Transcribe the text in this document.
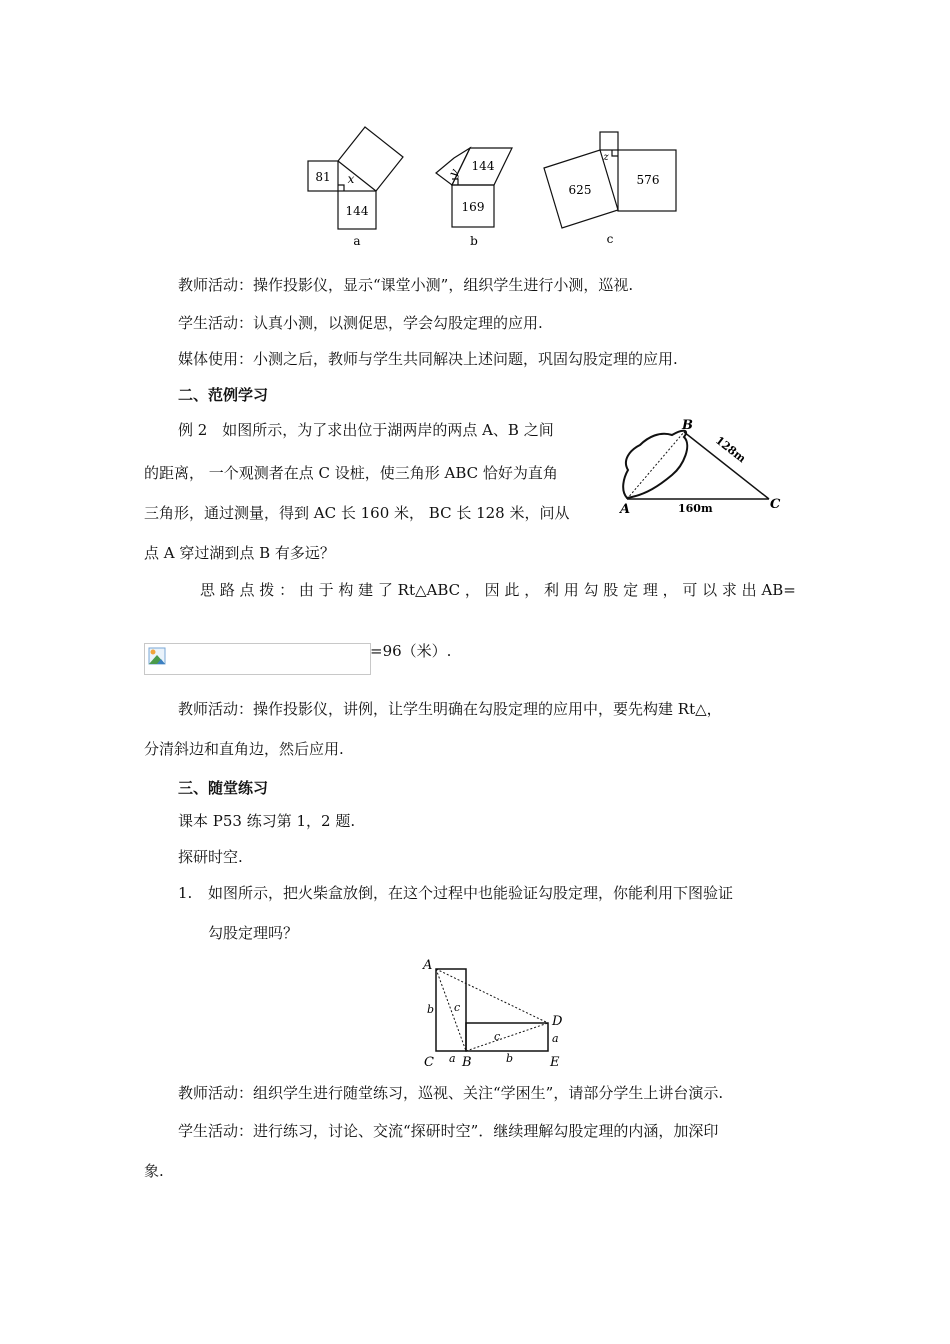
81 x
144
a
144
y
169
b
z
625
576
c
教师活动：操作投影仪，显示“课堂小测”，组织学生进行小测，巡视.
学生活动：认真小测，以测促思，学会勾股定理的应用.
媒体使用：小测之后，教师与学生共同解决上述问题，巩固勾股定理的应用.
二、范例学习
例 2　如图所示，为了求出位于湖两岸的两点 A、B 之间
的距离， 一个观测者在点 C 设桩，使三角形 ABC 恰好为直角
三角形，通过测量，得到 AC 长 160 米， BC 长 128 米，问从
点 A 穿过湖到点 B 有多远？
A
B
C
128m
160m
思 路 点 拨 ： 由 于 构 建 了 Rt△ABC ， 因 此 ， 利 用 勾 股 定 理 ， 可 以 求 出 AB=
=96（米）.
教师活动：操作投影仪，讲例，让学生明确在勾股定理的应用中，要先构建 Rt△，
分清斜边和直角边，然后应用.
三、随堂练习
课本 P53 练习第 1，2 题.
探研时空.
1. 如图所示，把火柴盒放倒，在这个过程中也能验证勾股定理，你能利用下图验证
勾股定理吗？
A
D
C B	E
b c
c	a
a	b
教师活动：组织学生进行随堂练习，巡视、关注“学困生”，请部分学生上讲台演示.
学生活动：进行练习，讨论、交流“探研时空”．继续理解勾股定理的内涵，加深印
象.
